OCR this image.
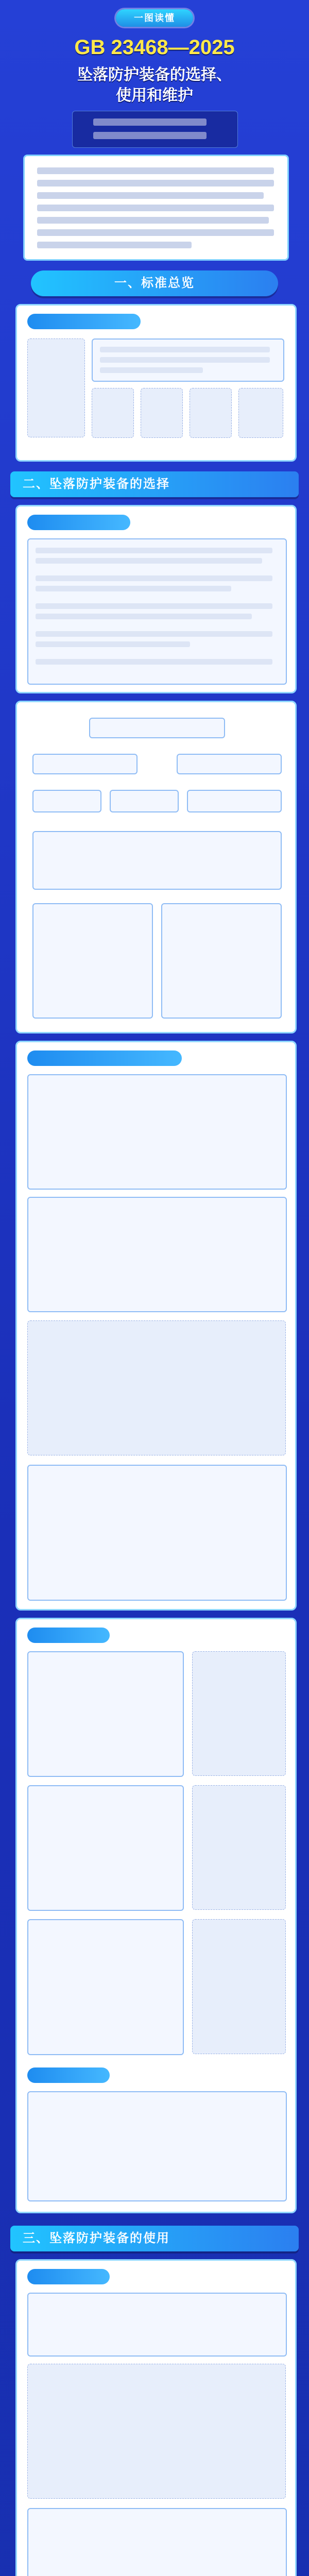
一图读懂
GB 23468—2025
坠落防护装备的选择、
使用和维护
一、标准总览
二、坠落防护装备的选择
三、坠落防护装备的使用
